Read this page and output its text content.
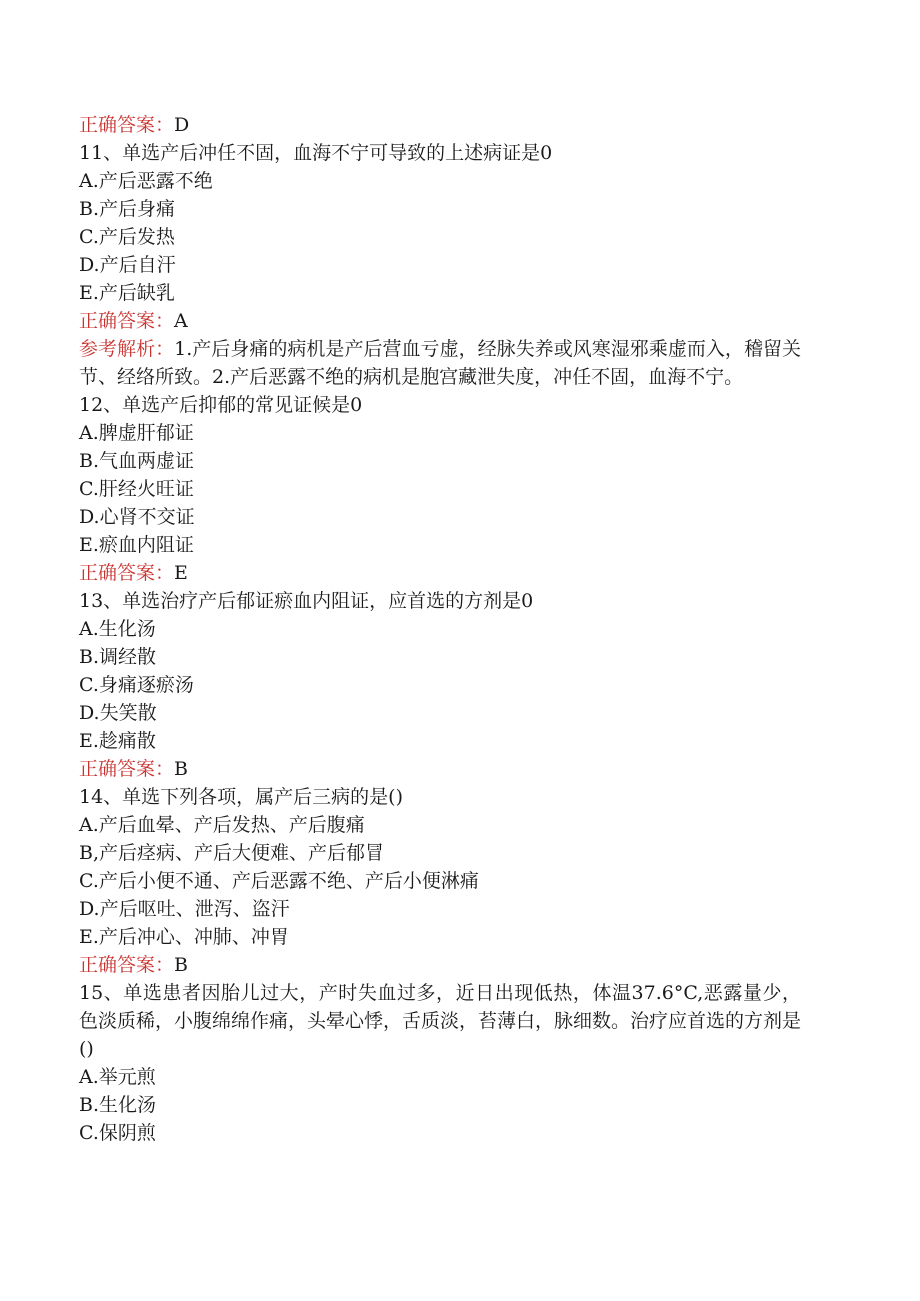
正确答案：D
11、单选产后冲任不固，血海不宁可导致的上述病证是0
A.产后恶露不绝
B.产后身痛
C.产后发热
D.产后自汗
E.产后缺乳
正确答案：A
参考解析：1.产后身痛的病机是产后营血亏虚，经脉失养或风寒湿邪乘虚而入，稽留关节、经络所致。2.产后恶露不绝的病机是胞宫藏泄失度，冲任不固，血海不宁。
12、单选产后抑郁的常见证候是0
A.脾虚肝郁证
B.气血两虚证
C.肝经火旺证
D.心肾不交证
E.瘀血内阻证
正确答案：E
13、单选治疗产后郁证瘀血内阻证，应首选的方剂是0
A.生化汤
B.调经散
C.身痛逐瘀汤
D.失笑散
E.趁痛散
正确答案：B
14、单选下列各项，属产后三病的是()
A.产后血晕、产后发热、产后腹痛
B,产后痉病、产后大便难、产后郁冒
C.产后小便不通、产后恶露不绝、产后小便淋痛
D.产后呕吐、泄泻、盗汗
E.产后冲心、冲肺、冲胃
正确答案：B
15、单选患者因胎儿过大，产时失血过多，近日出现低热，体温37.6°C,恶露量少，色淡质稀，小腹绵绵作痛，头晕心悸，舌质淡，苔薄白，脉细数。治疗应首选的方剂是()
A.举元煎
B.生化汤
C.保阴煎
